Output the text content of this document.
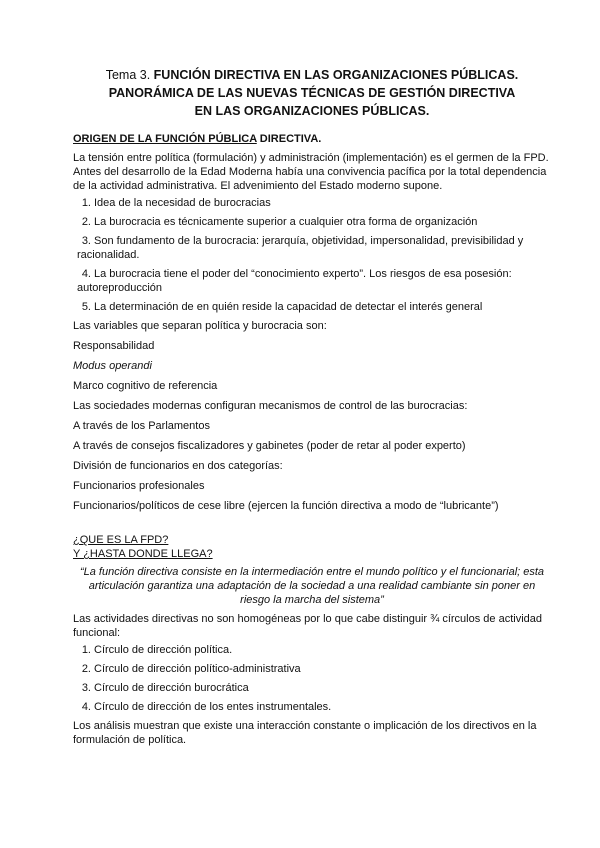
Tema 3. FUNCIÓN DIRECTIVA EN LAS ORGANIZACIONES PÚBLICAS.
PANORÁMICA DE LAS NUEVAS TÉCNICAS DE GESTIÓN DIRECTIVA
EN LAS ORGANIZACIONES PÚBLICAS.
ORIGEN DE LA FUNCIÓN PÚBLICA DIRECTIVA.

La tensión entre política (formulación) y administración (implementación) es el germen de la FPD. Antes del desarrollo de la Edad Moderna había una convivencia pacífica por la total dependencia de la actividad administrativa. El advenimiento del Estado moderno supone.

1. Idea de la necesidad de burocracias
2. La burocracia es técnicamente superior a cualquier otra forma de organización
3. Son fundamento de la burocracia: jerarquía, objetividad, impersonalidad, previsibilidad y racionalidad.
4. La burocracia tiene el poder del “conocimiento experto”. Los riesgos de esa posesión: autoreproducción
5. La determinación de en quién reside la capacidad de detectar el interés general

Las variables que separan política y burocracia son:

Responsabilidad

Modus operandi

Marco cognitivo de referencia

Las sociedades modernas configuran mecanismos de control de las burocracias:

A través de los Parlamentos

A través de consejos fiscalizadores y gabinetes (poder de retar al poder experto)

División de funcionarios en dos categorías:

Funcionarios profesionales

Funcionarios/políticos de cese libre (ejercen la función directiva a modo de “lubricante”)

¿QUE ES LA FPD?

Y ¿HASTA DONDE LLEGA?

“La función directiva consiste en la intermediación entre el mundo político y el funcionarial; esta articulación garantiza una adaptación de la sociedad a una realidad cambiante sin poner en riesgo la marcha del sistema”

Las actividades directivas no son homogéneas por lo que cabe distinguir ¾ círculos de actividad funcional:

1. Círculo de dirección política.
2. Círculo de dirección político-administrativa
3. Círculo de dirección burocrática
4. Círculo de dirección de los entes instrumentales.

Los análisis muestran que existe una interacción constante o implicación de los directivos en la formulación de política.
